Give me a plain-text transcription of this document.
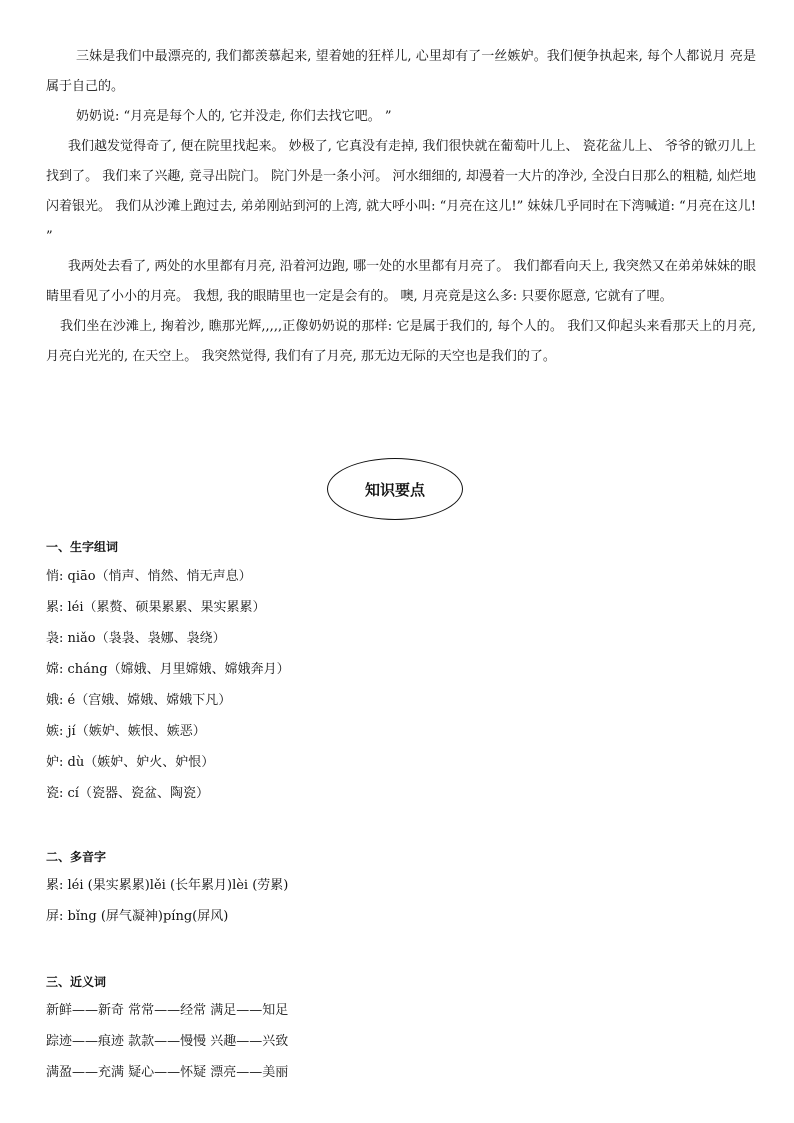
三妹是我们中最漂亮的, 我们都羡慕起来, 望着她的狂样儿, 心里却有了一丝嫉妒。我们便争执起来, 每个人都说月 亮是属于自己的。

奶奶说: “月亮是每个人的, 它并没走, 你们去找它吧。 ”

我们越发觉得奇了, 便在院里找起来。 妙极了, 它真没有走掉, 我们很快就在葡萄叶儿上、 瓷花盆儿上、 爷爷的锨刃儿上找到了。 我们来了兴趣, 竟寻出院门。 院门外是一条小河。 河水细细的, 却漫着一大片的净沙, 全没白日那么的粗糙, 灿烂地闪着银光。 我们从沙滩上跑过去, 弟弟刚站到河的上湾, 就大呼小叫: “月亮在这儿!” 妹妹几乎同时在下湾喊道: “月亮在这儿! ”

我两处去看了, 两处的水里都有月亮, 沿着河边跑, 哪一处的水里都有月亮了。 我们都看向天上, 我突然又在弟弟妹妹的眼睛里看见了小小的月亮。 我想, 我的眼睛里也一定是会有的。 噢, 月亮竟是这么多: 只要你愿意, 它就有了哩。

我们坐在沙滩上, 掬着沙, 瞧那光辉,,,,,正像奶奶说的那样: 它是属于我们的, 每个人的。 我们又仰起头来看那天上的月亮, 月亮白光光的, 在天空上。 我突然觉得, 我们有了月亮, 那无边无际的天空也是我们的了。

知识要点
一、生字组词
悄: qiāo（悄声、悄然、悄无声息）
累: léi（累赘、硕果累累、果实累累）
袅: niǎo（袅袅、袅娜、袅绕）
嫦: cháng（嫦娥、月里嫦娥、嫦娥奔月）
娥: é（宫娥、嫦娥、嫦娥下凡）
嫉: jí（嫉妒、嫉恨、嫉恶）
妒: dù（嫉妒、妒火、妒恨）
瓷: cí（瓷器、瓷盆、陶瓷）
二、多音字
累: léi (果实累累)lěi (长年累月)lèi (劳累)
屏: bǐng (屏气凝神)píng(屏风)
三、近义词
新鲜——新奇 常常——经常 满足——知足
踪迹——痕迹 款款——慢慢 兴趣——兴致
满盈——充满 疑心——怀疑 漂亮——美丽
